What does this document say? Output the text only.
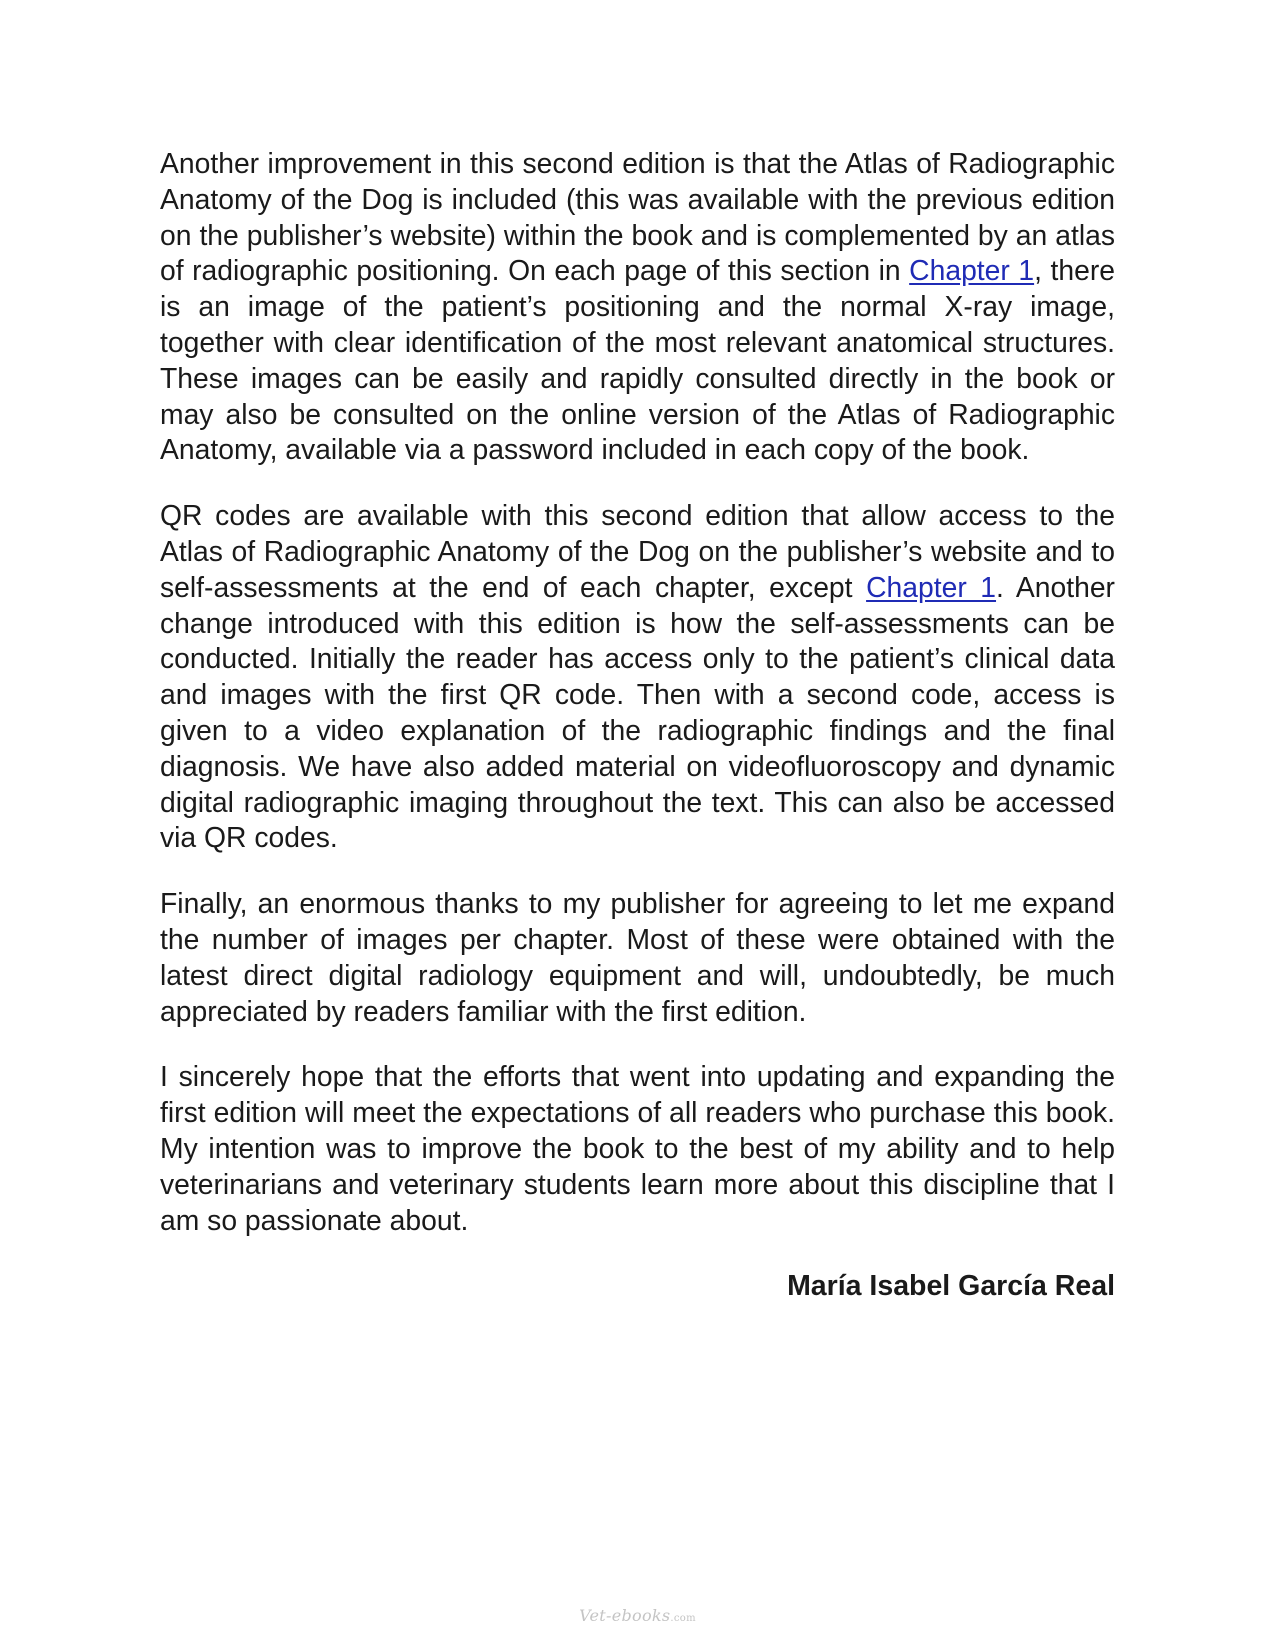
Another improvement in this second edition is that the Atlas of Radiographic Anatomy of the Dog is included (this was available with the previous edition on the publisher’s website) within the book and is complemented by an atlas of radiographic positioning. On each page of this section in Chapter 1, there is an image of the patient’s positioning and the normal X-ray image, together with clear identification of the most relevant anatomical structures. These images can be easily and rapidly consulted directly in the book or may also be consulted on the online version of the Atlas of Radiographic Anatomy, available via a password included in each copy of the book.

QR codes are available with this second edition that allow access to the Atlas of Radiographic Anatomy of the Dog on the publisher’s website and to self-assessments at the end of each chapter, except Chapter 1. Another change introduced with this edition is how the self-assessments can be conducted. Initially the reader has access only to the patient’s clinical data and images with the first QR code. Then with a second code, access is given to a video explanation of the radiographic findings and the final diagnosis. We have also added material on videofluoroscopy and dynamic digital radiographic imaging throughout the text. This can also be accessed via QR codes.

Finally, an enormous thanks to my publisher for agreeing to let me expand the number of images per chapter. Most of these were obtained with the latest direct digital radiology equipment and will, undoubtedly, be much appreciated by readers familiar with the first edition.

I sincerely hope that the efforts that went into updating and expanding the first edition will meet the expectations of all readers who purchase this book. My intention was to improve the book to the best of my ability and to help veterinarians and veterinary students learn more about this discipline that I am so passionate about.

María Isabel García Real
Vet-ebooks.com
